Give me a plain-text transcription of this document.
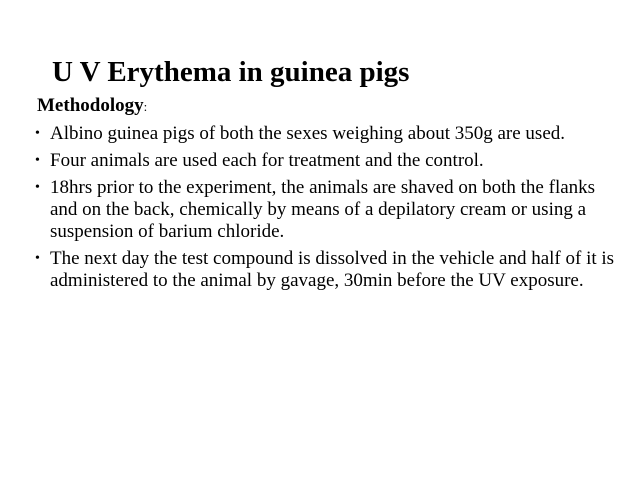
U V Erythema in guinea pigs
Methodology:
• Albino guinea pigs of both the sexes weighing about 350g are used.
• Four animals are used each for treatment and the control.
• 18hrs prior to the experiment, the animals are shaved on both the flanks and on the back, chemically by means of a depilatory cream or using a suspension of barium chloride.
• The next day the test compound is dissolved in the vehicle and half of it is administered to the animal by gavage, 30min before the UV exposure.
